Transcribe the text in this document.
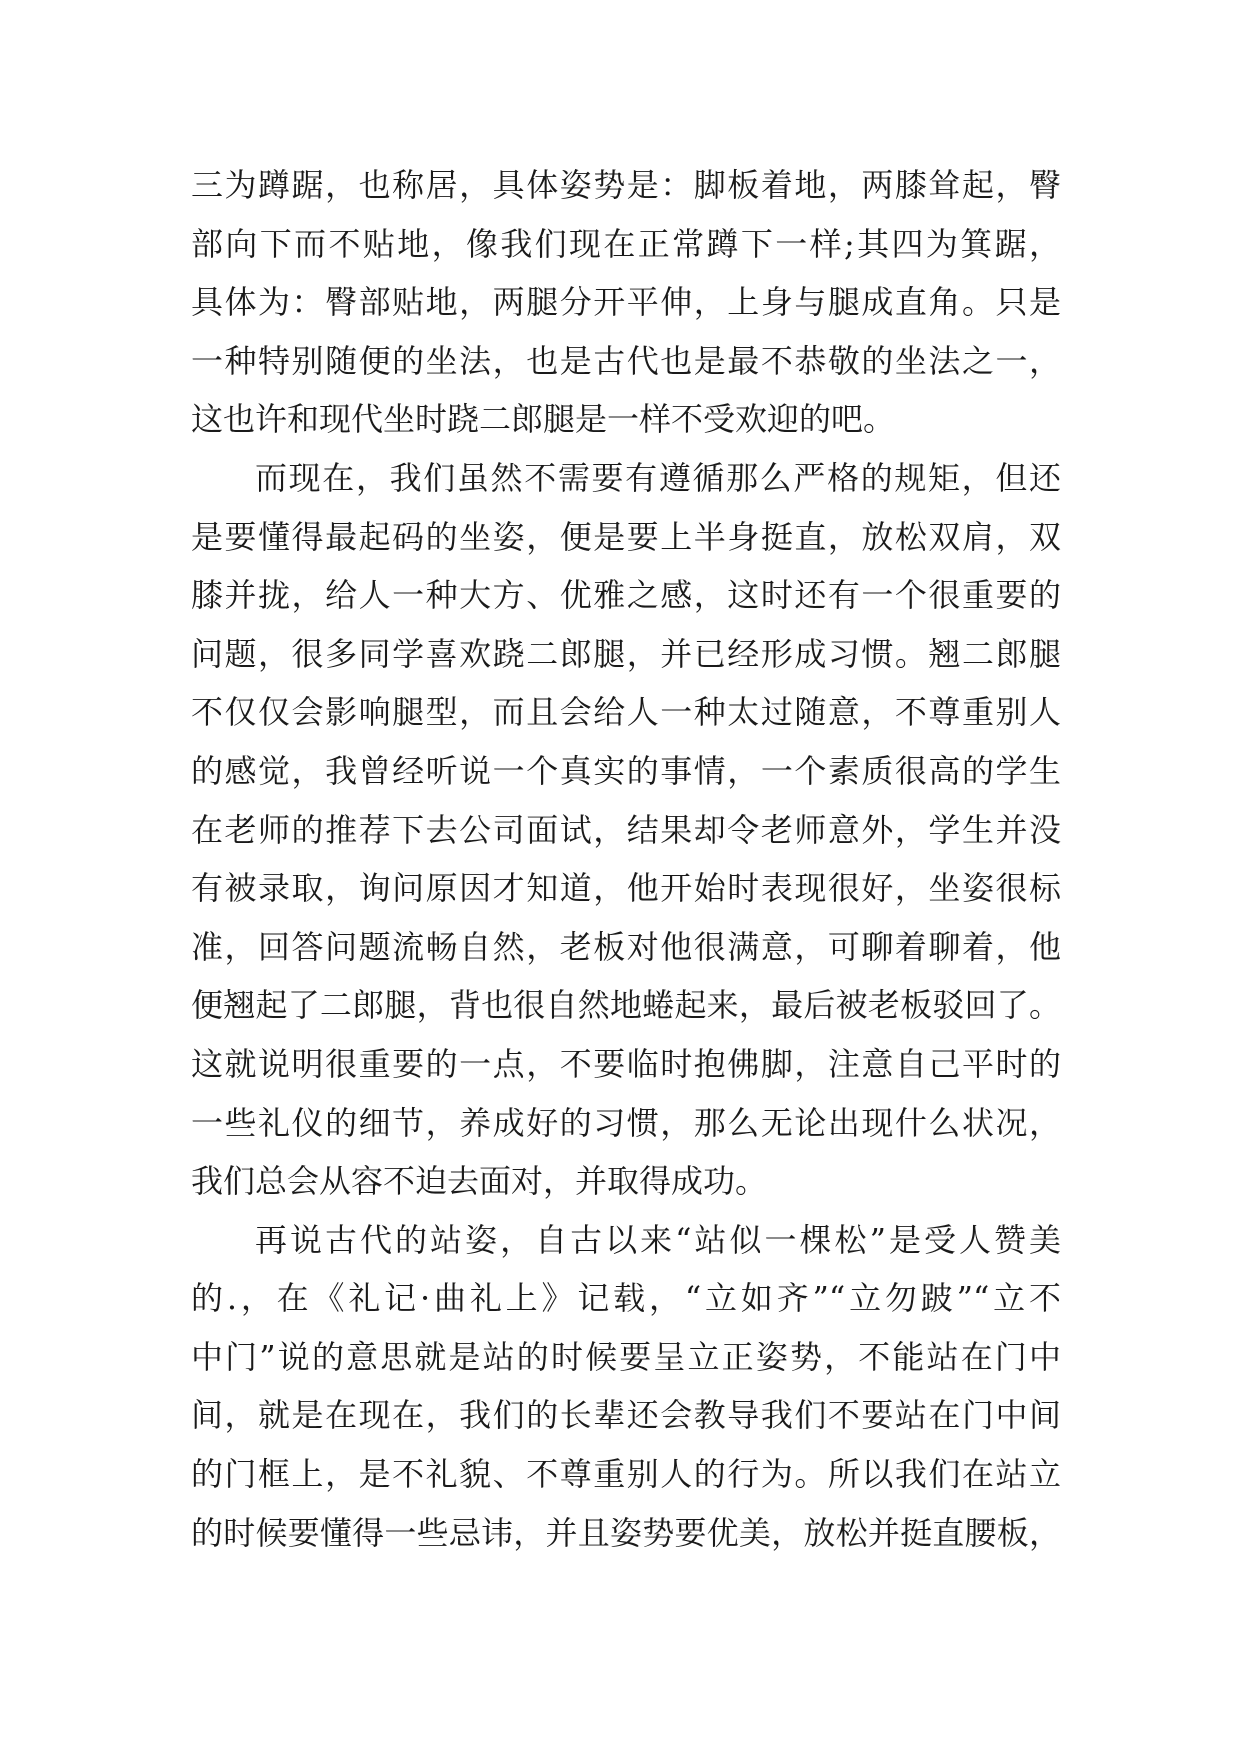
三为蹲踞，也称居，具体姿势是：脚板着地，两膝耸起，臀
部向下而不贴地，像我们现在正常蹲下一样;其四为箕踞，
具体为：臀部贴地，两腿分开平伸，上身与腿成直角。只是
一种特别随便的坐法，也是古代也是最不恭敬的坐法之一，
这也许和现代坐时跷二郎腿是一样不受欢迎的吧。
而现在，我们虽然不需要有遵循那么严格的规矩，但还
是要懂得最起码的坐姿，便是要上半身挺直，放松双肩，双
膝并拢，给人一种大方、优雅之感，这时还有一个很重要的
问题，很多同学喜欢跷二郎腿，并已经形成习惯。翘二郎腿
不仅仅会影响腿型，而且会给人一种太过随意，不尊重别人
的感觉，我曾经听说一个真实的事情，一个素质很高的学生
在老师的推荐下去公司面试，结果却令老师意外，学生并没
有被录取，询问原因才知道，他开始时表现很好，坐姿很标
准，回答问题流畅自然，老板对他很满意，可聊着聊着，他
便翘起了二郎腿，背也很自然地蜷起来，最后被老板驳回了。
这就说明很重要的一点，不要临时抱佛脚，注意自己平时的
一些礼仪的细节，养成好的习惯，那么无论出现什么状况，
我们总会从容不迫去面对，并取得成功。
再说古代的站姿，自古以来“站似一棵松”是受人赞美
的.，在《礼记·曲礼上》记载，“立如齐”“立勿跛”“立不
中门”说的意思就是站的时候要呈立正姿势，不能站在门中
间，就是在现在，我们的长辈还会教导我们不要站在门中间
的门框上，是不礼貌、不尊重别人的行为。所以我们在站立
的时候要懂得一些忌讳，并且姿势要优美，放松并挺直腰板，
